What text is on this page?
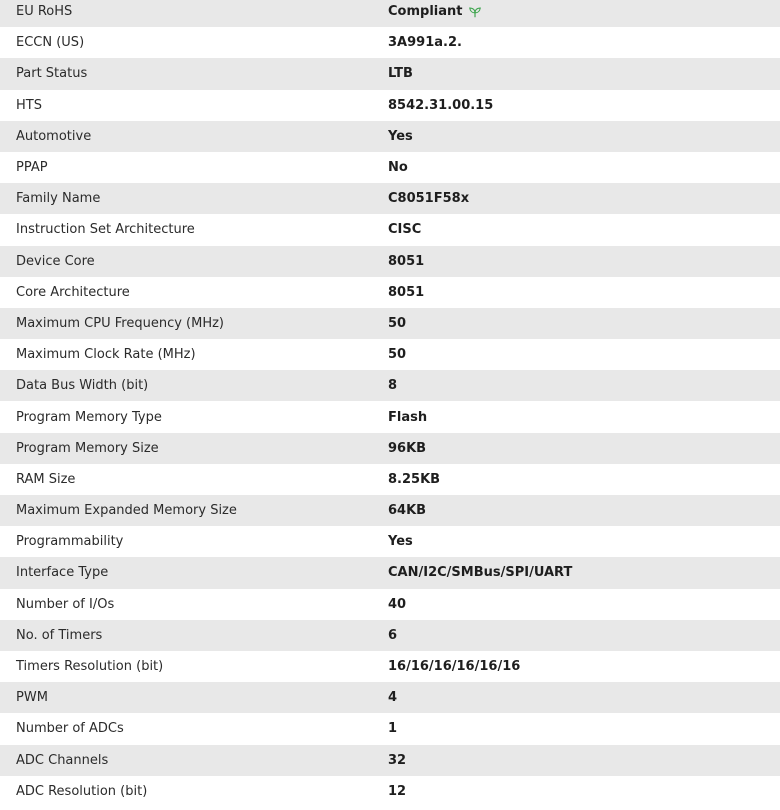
EU RoHS	Compliant
ECCN (US)	3A991a.2.
Part Status	LTB
HTS	8542.31.00.15
Automotive	Yes
PPAP	No
Family Name	C8051F58x
Instruction Set Architecture	CISC
Device Core	8051
Core Architecture	8051
Maximum CPU Frequency (MHz)	50
Maximum Clock Rate (MHz)	50
Data Bus Width (bit)	8
Program Memory Type	Flash
Program Memory Size	96KB
RAM Size	8.25KB
Maximum Expanded Memory Size	64KB
Programmability	Yes
Interface Type	CAN/I2C/SMBus/SPI/UART
Number of I/Os	40
No. of Timers	6
Timers Resolution (bit)	16/16/16/16/16/16
PWM	4
Number of ADCs	1
ADC Channels	32
ADC Resolution (bit)	12
